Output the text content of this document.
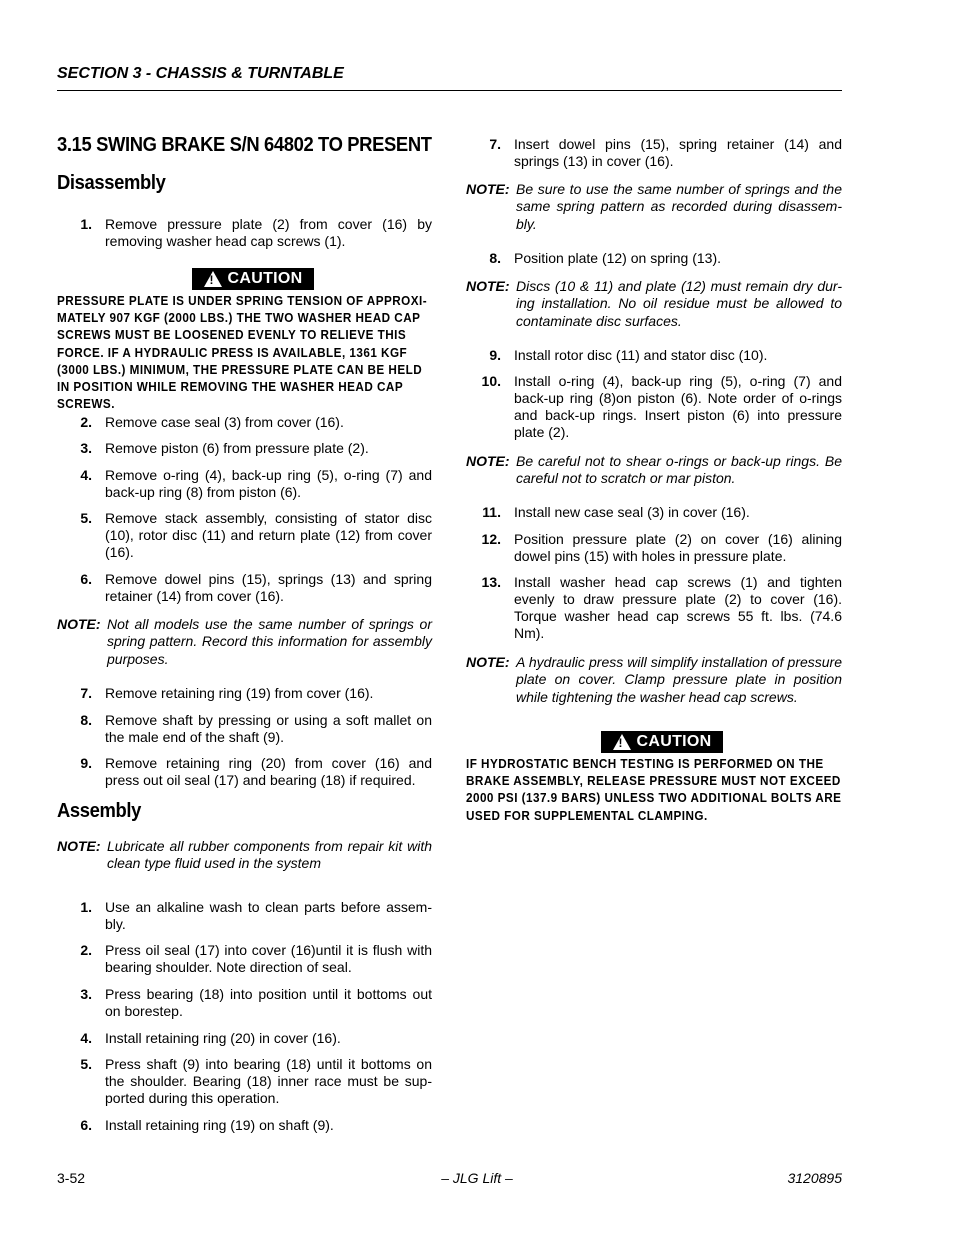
SECTION 3 - CHASSIS & TURNTABLE
3.15 SWING BRAKE S/N 64802 TO PRESENT
Disassembly
1. Remove pressure plate (2) from cover (16) by removing washer head cap screws (1).
! CAUTION
PRESSURE PLATE IS UNDER SPRING TENSION OF APPROXI-MATELY 907 KGF (2000 LBS.) THE TWO WASHER HEAD CAP SCREWS MUST BE LOOSENED EVENLY TO RELIEVE THIS FORCE. IF A HYDRAULIC PRESS IS AVAILABLE, 1361 KGF (3000 LBS.) MINIMUM, THE PRESSURE PLATE CAN BE HELD IN POSITION WHILE REMOVING THE WASHER HEAD CAP SCREWS.
2. Remove case seal (3) from cover (16).
3. Remove piston (6) from pressure plate (2).
4. Remove o-ring (4), back-up ring (5), o-ring (7) and back-up ring (8) from piston (6).
5. Remove stack assembly, consisting of stator disc (10), rotor disc (11) and return plate (12) from cover (16).
6. Remove dowel pins (15), springs (13) and spring retainer (14) from cover (16).
NOTE: Not all models use the same number of springs or spring pattern. Record this information for assembly purposes.
7. Remove retaining ring (19) from cover (16).
8. Remove shaft by pressing or using a soft mallet on the male end of the shaft (9).
9. Remove retaining ring (20) from cover (16) and press out oil seal (17) and bearing (18) if required.
Assembly
NOTE: Lubricate all rubber components from repair kit with clean type fluid used in the system
1. Use an alkaline wash to clean parts before assem-bly.
2. Press oil seal (17) into cover (16)until it is flush with bearing shoulder. Note direction of seal.
3. Press bearing (18) into position until it bottoms out on borestep.
4. Install retaining ring (20) in cover (16).
5. Press shaft (9) into bearing (18) until it bottoms on the shoulder. Bearing (18) inner race must be sup-ported during this operation.
6. Install retaining ring (19) on shaft (9).
7. Insert dowel pins (15), spring retainer (14) and springs (13) in cover (16).
NOTE: Be sure to use the same number of springs and the same spring pattern as recorded during disassem-bly.
8. Position plate (12) on spring (13).
NOTE: Discs (10 & 11) and plate (12) must remain dry dur-ing installation. No oil residue must be allowed to contaminate disc surfaces.
9. Install rotor disc (11) and stator disc (10).
10. Install o-ring (4), back-up ring (5), o-ring (7) and back-up ring (8)on piston (6). Note order of o-rings and back-up rings. Insert piston (6) into pressure plate (2).
NOTE: Be careful not to shear o-rings or back-up rings. Be careful not to scratch or mar piston.
11. Install new case seal (3) in cover (16).
12. Position pressure plate (2) on cover (16) alining dowel pins (15) with holes in pressure plate.
13. Install washer head cap screws (1) and tighten evenly to draw pressure plate (2) to cover (16). Torque washer head cap screws 55 ft. lbs. (74.6 Nm).
NOTE: A hydraulic press will simplify installation of pressure plate on cover. Clamp pressure plate in position while tightening the washer head cap screws.
! CAUTION
IF HYDROSTATIC BENCH TESTING IS PERFORMED ON THE BRAKE ASSEMBLY, RELEASE PRESSURE MUST NOT EXCEED 2000 PSI (137.9 BARS) UNLESS TWO ADDITIONAL BOLTS ARE USED FOR SUPPLEMENTAL CLAMPING.
3-52	– JLG Lift –	3120895
